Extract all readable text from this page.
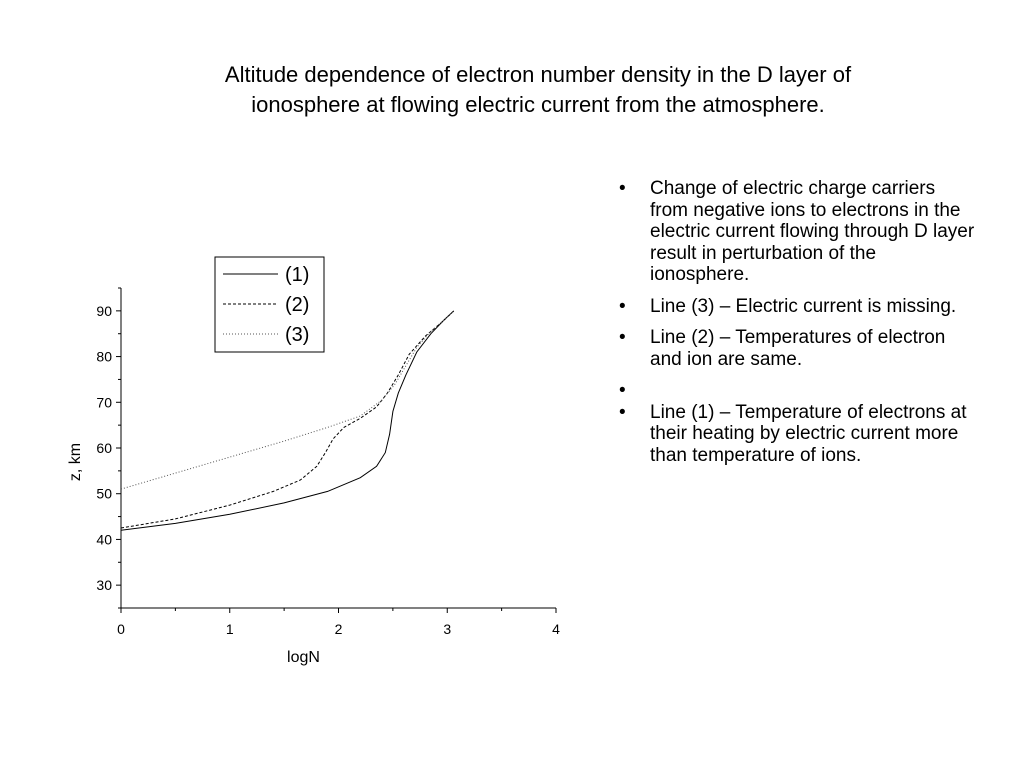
Altitude dependence of electron number density in the D layer of
ionosphere at flowing electric current from the atmosphere.
0	1	2	3	4
30
40
50
60
70
80
90
logN
z, km
(1)
(2)
(3)
• Change of electric charge carriers from negative ions to electrons in the electric current flowing through D layer result in perturbation of the ionosphere.
• Line (3) – Electric current is missing.
• Line (2) – Temperatures of electron and ion are same.
•
• Line (1) – Temperature of electrons at their heating by electric current more than temperature of ions.
